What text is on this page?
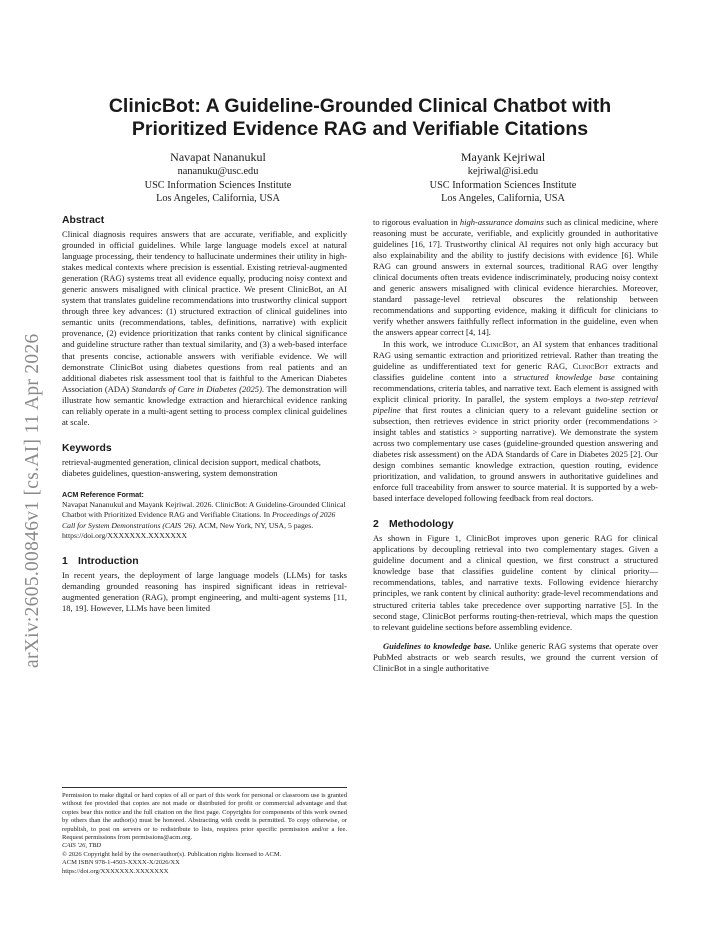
arXiv:2605.00846v1 [cs.AI] 11 Apr 2026
ClinicBot: A Guideline-Grounded Clinical Chatbot with Prioritized Evidence RAG and Verifiable Citations
Navapat Nananukul
nananuku@usc.edu
USC Information Sciences Institute
Los Angeles, California, USA
Mayank Kejriwal
kejriwal@isi.edu
USC Information Sciences Institute
Los Angeles, California, USA
Abstract

Clinical diagnosis requires answers that are accurate, verifiable, and explicitly grounded in official guidelines. While large language models excel at natural language processing, their tendency to hallucinate undermines their utility in high-stakes medical contexts where precision is essential. Existing retrieval-augmented generation (RAG) systems treat all evidence equally, producing noisy context and generic answers misaligned with clinical practice. We present ClinicBot, an AI system that translates guideline recommendations into trustworthy clinical support through three key advances: (1) structured extraction of clinical guidelines into semantic units (recommendations, tables, definitions, narrative) with explicit provenance, (2) evidence prioritization that ranks content by clinical significance and guideline structure rather than textual similarity, and (3) a web-based interface that presents concise, actionable answers with verifiable evidence. We will demonstrate ClinicBot using diabetes questions from real patients and an additional diabetes risk assessment tool that is faithful to the American Diabetes Association (ADA) Standards of Care in Diabetes (2025). The demonstration will illustrate how semantic knowledge extraction and hierarchical evidence ranking can reliably operate in a multi-agent setting to process complex clinical guidelines at scale.

Keywords

retrieval-augmented generation, clinical decision support, medical chatbots, diabetes guidelines, question-answering, system demonstration

ACM Reference Format:

Navapat Nananukul and Mayank Kejriwal. 2026. ClinicBot: A Guideline-Grounded Clinical Chatbot with Prioritized Evidence RAG and Verifiable Citations. In Proceedings of 2026 Call for System Demonstrations (CAIS '26). ACM, New York, NY, USA, 5 pages. https://doi.org/XXXXXXX.XXXXXXX

1 Introduction

In recent years, the deployment of large language models (LLMs) for tasks demanding grounded reasoning has inspired significant ideas in retrieval-augmented generation (RAG), prompt engineering, and multi-agent systems [11, 18, 19]. However, LLMs have been limited

Permission to make digital or hard copies of all or part of this work for personal or classroom use is granted without fee provided that copies are not made or distributed for profit or commercial advantage and that copies bear this notice and the full citation on the first page. Copyrights for components of this work owned by others than the author(s) must be honored. Abstracting with credit is permitted. To copy otherwise, or republish, to post on servers or to redistribute to lists, requires prior specific permission and/or a fee. Request permissions from permissions@acm.org.
CAIS '26, TBD
© 2026 Copyright held by the owner/author(s). Publication rights licensed to ACM.
ACM ISBN 978-1-4503-XXXX-X/2026/XX
https://doi.org/XXXXXXX.XXXXXXX

to rigorous evaluation in high-assurance domains such as clinical medicine, where reasoning must be accurate, verifiable, and explicitly grounded in authoritative guidelines [16, 17]. Trustworthy clinical AI requires not only high accuracy but also explainability and the ability to justify decisions with evidence [6]. While RAG can ground answers in external sources, traditional RAG over lengthy clinical documents often treats evidence indiscriminately, producing noisy context and generic answers misaligned with clinical evidence hierarchies. Moreover, standard passage-level retrieval obscures the relationship between recommendations and supporting evidence, making it difficult for clinicians to verify whether answers faithfully reflect information in the guideline, even when the answers appear correct [4, 14].

In this work, we introduce ClinicBot, an AI system that enhances traditional RAG using semantic extraction and prioritized retrieval. Rather than treating the guideline as undifferentiated text for generic RAG, ClinicBot extracts and classifies guideline content into a structured knowledge base containing recommendations, criteria tables, and narrative text. Each element is assigned with explicit clinical priority. In parallel, the system employs a two-step retrieval pipeline that first routes a clinician query to a relevant guideline section or subsection, then retrieves evidence in strict priority order (recommendations > insight tables and statistics > supporting narrative). We demonstrate the system across two complementary use cases (guideline-grounded question answering and diabetes risk assessment) on the ADA Standards of Care in Diabetes 2025 [2]. Our design combines semantic knowledge extraction, question routing, evidence prioritization, and validation, to ground answers in authoritative guidelines and enforce full traceability from answer to source material. It is supported by a web-based interface developed following feedback from real doctors.

2 Methodology

As shown in Figure 1, ClinicBot improves upon generic RAG for clinical applications by decoupling retrieval into two complementary stages. Given a guideline document and a clinical question, we first construct a structured knowledge base that classifies guideline content by clinical priority—recommendations, tables, and narrative texts. Following evidence hierarchy principles, we rank content by clinical authority: grade-level recommendations and structured criteria tables take precedence over supporting narrative [5]. In the second stage, ClinicBot performs routing-then-retrieval, which maps the question to relevant guideline sections before assembling evidence.

Guidelines to knowledge base. Unlike generic RAG systems that operate over PubMed abstracts or web search results, we ground the current version of ClinicBot in a single authoritative
